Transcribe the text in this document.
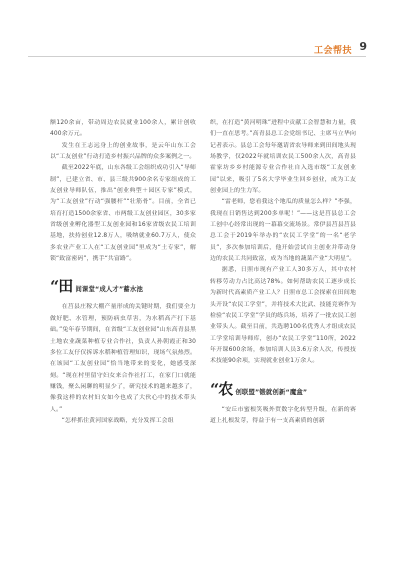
工会帮扶 9

额120余亩，带动周边农民就业100余人，累计创收400余万元。

发生在王志远身上的创业故事，是云年山东工会以“工友创业”行动打造乡村振兴品牌的众多案例之一。

截至2022年底，山东各级工会组织成功引入“导师制”，已建立省、市、县三级共900余名专家组成的工友创业导师队伍，推出“创业典型＋园区专家”模式，为“工友创业”行动“强腰杆”“壮筋骨”。目前，全省已培育打造1500余家省、市两级工友创业园区，30多家省级创业孵化器型工友创业园和16家省级农民工培训基地，扶持创业12.8万人，吸纳就业60.7万人，使众多农业产业工人在“工友创业园”里成为“土专家”，解锁“致富密码”，携手“共富路”。

“ 田 间课堂“成人才”蓄水池

在莒县庄稼大棚产量形成的关键时期，我们要全力做好肥、水管理，预防病虫草害，为水稻高产打下基础。”兔年春节期间，在省级“工友创业园”山东高青县黑土地农业蔬菜种植专业合作社，负责人孙朝霞正和30多位工友仔仅拆诉水稻种植管理知识，现场气氛热烈。在该园“工友创业园”恰当地带来的变化，她感受深刻。“现在村里留守妇女来合作社打工，在家门口就能赚钱，聚么闲聊的明显少了，研究技术的越来越多了，像我这样的农村妇女如今也成了大伙心中的技术带头人。”

“怎样抓住黄河国家战略，充分发挥工会组

织，在打造“黄河明珠”进程中贡献工会智慧和力量，我们一直在思考。”高青县总工会党组书记、主席马立华向记者表示。县总工会每年邀请省农导师来到田间地头现场教学，仅2022年就培训农民工500余人次，高青县霍家坊乡乡村能源专业合作社自入选市级“工友创业园”以来，吸引了5名大学毕业生回乡创业，成为工友创业园上的生力军。

“雷老师，您看我这个地瓜的质量怎么样？”李强，我现在日销售达到200多单呢！”——这是莒县总工会工创中心经常出现的一幕幕交流场景。常伊县莒县莒县总工会于2019年举办的“农民工学堂”的一名“老学员”，多次参加培训后，他开始尝试自主创业并带动身边的农民工共同致富，成为当地的蔬菜产业“大明星”。

据悉，日照市现有产业工人30多万人，其中农村转移劳动力占比高达78%。如何帮助农民工逐步成长为新时代高素质产业工人？日照市总工会探索在田间地头开设“农民工学堂”，并将技术大比武、技能竞赛作为检验“农民工学堂”学员的练兵场，培养了一批农民工创业带头人。截至目前，共选聘100名优秀人才组成农民工学堂培训导师库，创办“农民工学堂”110所，2022年开课600余场，参加培训人员3.6万余人次，传授技术技能90余项，实现就业创业1万余人。

“ 农 创联盟”锻就创新“魔盒”

“安丘市蜜根笑吸外贸数字化转型升级，在新的赛道上扎根发芽，得益于有一支高素质的创新
